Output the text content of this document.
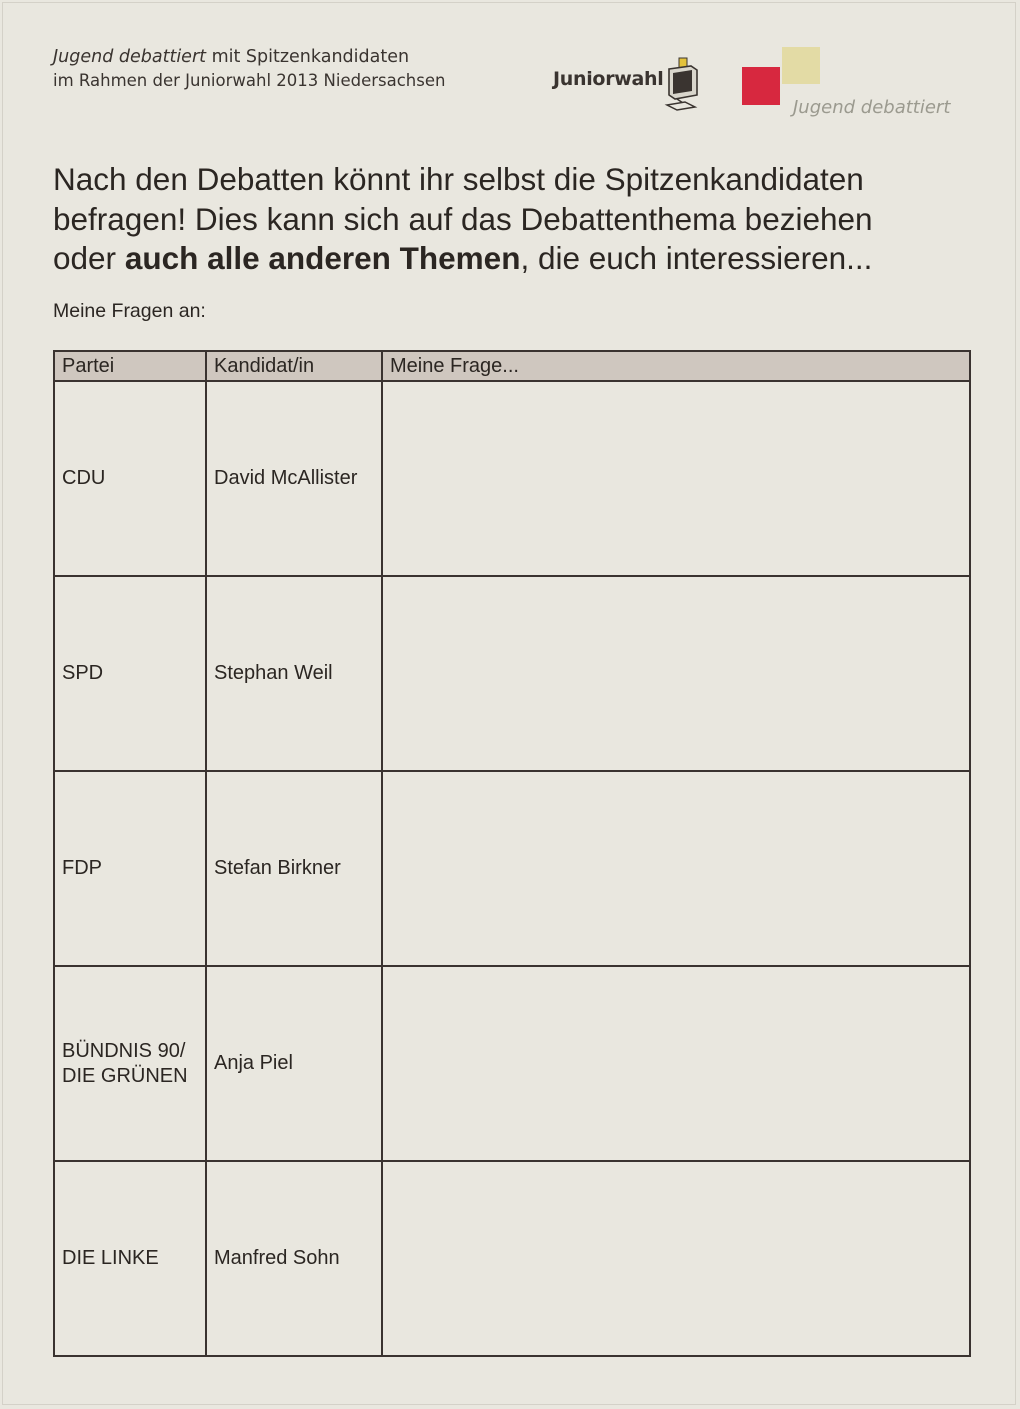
Jugend debattiert mit Spitzenkandidaten
im Rahmen der Juniorwahl 2013 Niedersachsen	Juniorwahl
Jugend debattiert
Nach den Debatten könnt ihr selbst die Spitzenkandidaten
befragen! Dies kann sich auf das Debattenthema beziehen
oder auch alle anderen Themen, die euch interessieren...
Meine Fragen an:
Partei	Kandidat/in	Meine Frage...

CDU	David McAllister	

SPD	Stephan Weil	

FDP	Stefan Birkner	

BÜNDNIS 90/
DIE GRÜNEN	Anja Piel	

DIE LINKE	Manfred Sohn	
